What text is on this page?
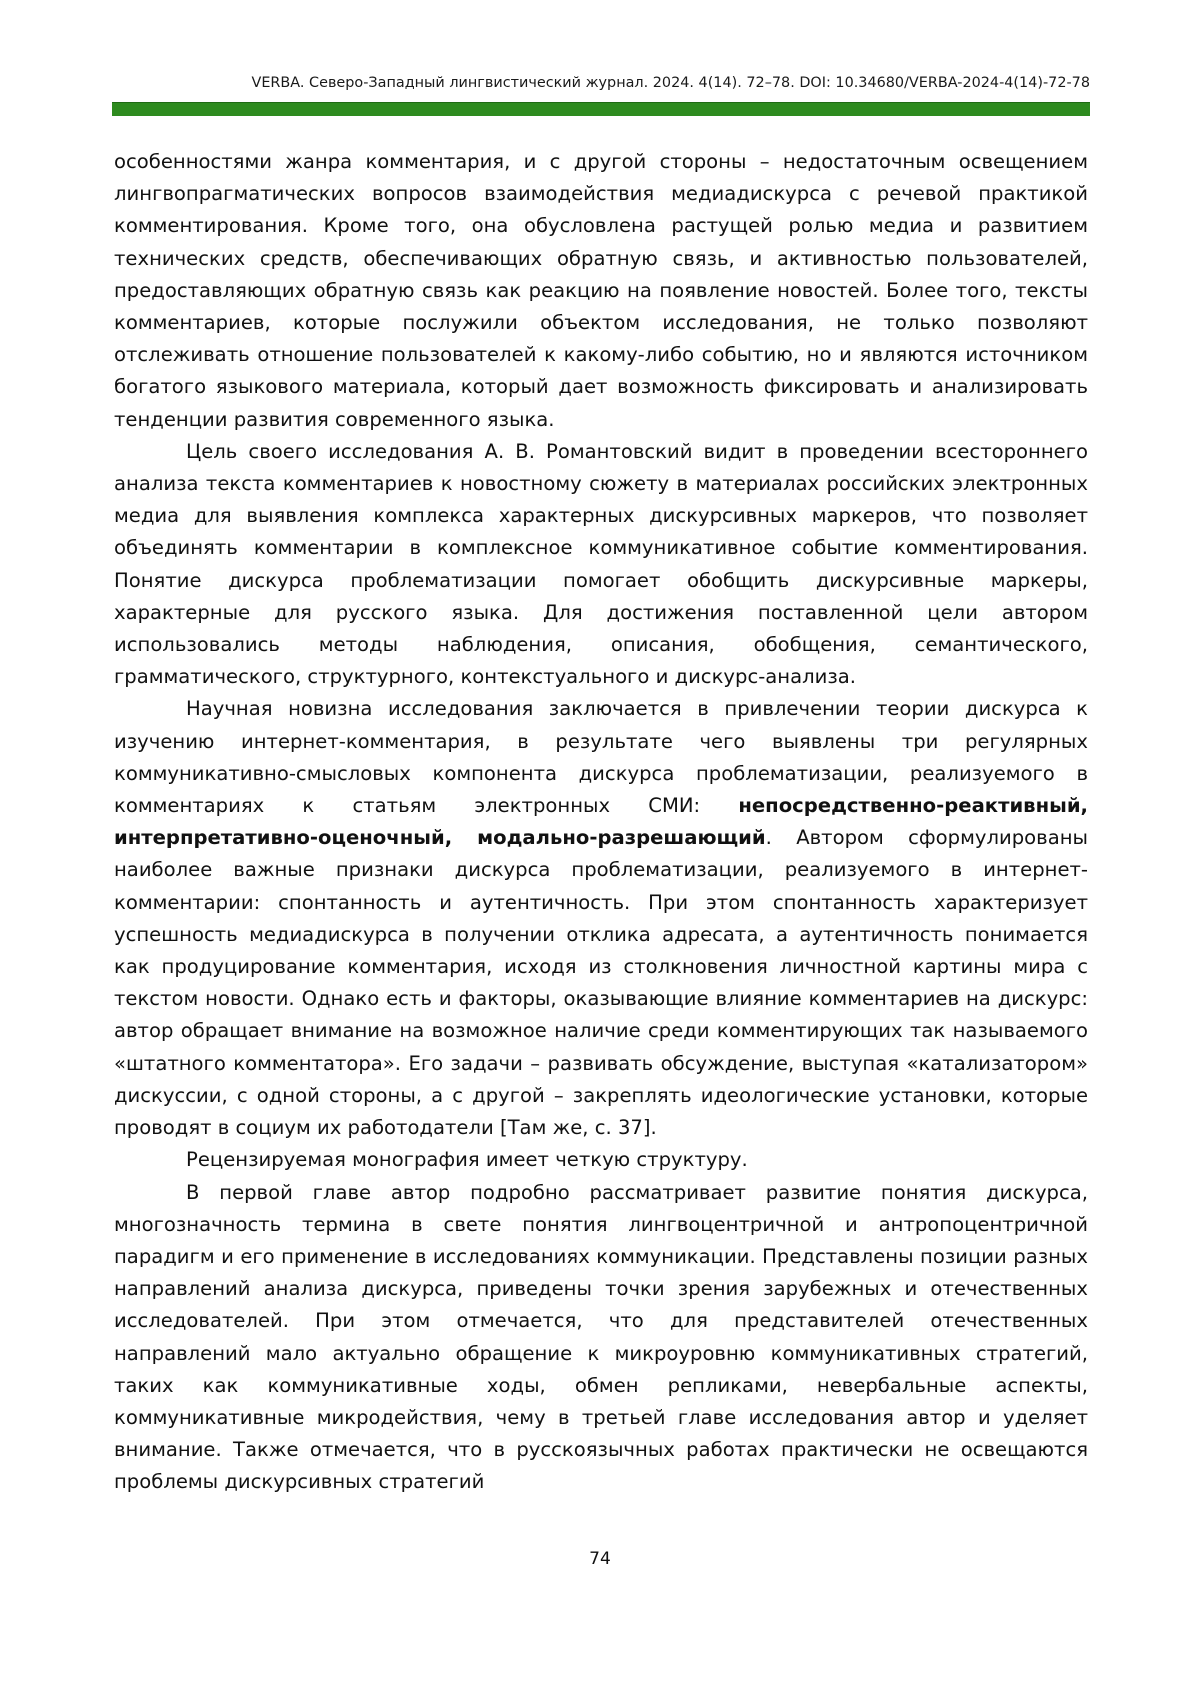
VERBA. Северо-Западный лингвистический журнал. 2024. 4(14). 72–78. DOI: 10.34680/VERBA-2024-4(14)-72-78

особенностями жанра комментария, и с другой стороны – недостаточным освещением лингвопрагматических вопросов взаимодействия медиадискурса с речевой практикой комментирования. Кроме того, она обусловлена растущей ролью медиа и развитием технических средств, обеспечивающих обратную связь, и активностью пользователей, предоставляющих обратную связь как реакцию на появление новостей. Более того, тексты комментариев, которые послужили объектом исследования, не только позволяют отслеживать отношение пользователей к какому-либо событию, но и являются источником богатого языкового материала, который дает возможность фиксировать и анализировать тенденции развития современного языка.

Цель своего исследования А. В. Романтовский видит в проведении всестороннего анализа текста комментариев к новостному сюжету в материалах российских электронных медиа для выявления комплекса характерных дискурсивных маркеров, что позволяет объединять комментарии в комплексное коммуникативное событие комментирования. Понятие дискурса проблематизации помогает обобщить дискурсивные маркеры, характерные для русского языка. Для достижения поставленной цели автором использовались методы наблюдения, описания, обобщения, семантического, грамматического, структурного, контекстуального и дискурс-анализа.

Научная новизна исследования заключается в привлечении теории дискурса к изучению интернет-комментария, в результате чего выявлены три регулярных коммуникативно-смысловых компонента дискурса проблематизации, реализуемого в комментариях к статьям электронных СМИ: непосредственно-реактивный, интерпретативно-оценочный, модально-разрешающий. Автором сформулированы наиболее важные признаки дискурса проблематизации, реализуемого в интернет-комментарии: спонтанность и аутентичность. При этом спонтанность характеризует успешность медиадискурса в получении отклика адресата, а аутентичность понимается как продуцирование комментария, исходя из столкновения личностной картины мира с текстом новости. Однако есть и факторы, оказывающие влияние комментариев на дискурс: автор обращает внимание на возможное наличие среди комментирующих так называемого «штатного комментатора». Его задачи – развивать обсуждение, выступая «катализатором» дискуссии, с одной стороны, а с другой – закреплять идеологические установки, которые проводят в социум их работодатели [Там же, с. 37].

Рецензируемая монография имеет четкую структуру.

В первой главе автор подробно рассматривает развитие понятия дискурса, многозначность термина в свете понятия лингвоцентричной и антропоцентричной парадигм и его применение в исследованиях коммуникации. Представлены позиции разных направлений анализа дискурса, приведены точки зрения зарубежных и отечественных исследователей. При этом отмечается, что для представителей отечественных направлений мало актуально обращение к микроуровню коммуникативных стратегий, таких как коммуникативные ходы, обмен репликами, невербальные аспекты, коммуникативные микродействия, чему в третьей главе исследования автор и уделяет внимание. Также отмечается, что в русскоязычных работах практически не освещаются проблемы дискурсивных стратегий

74
